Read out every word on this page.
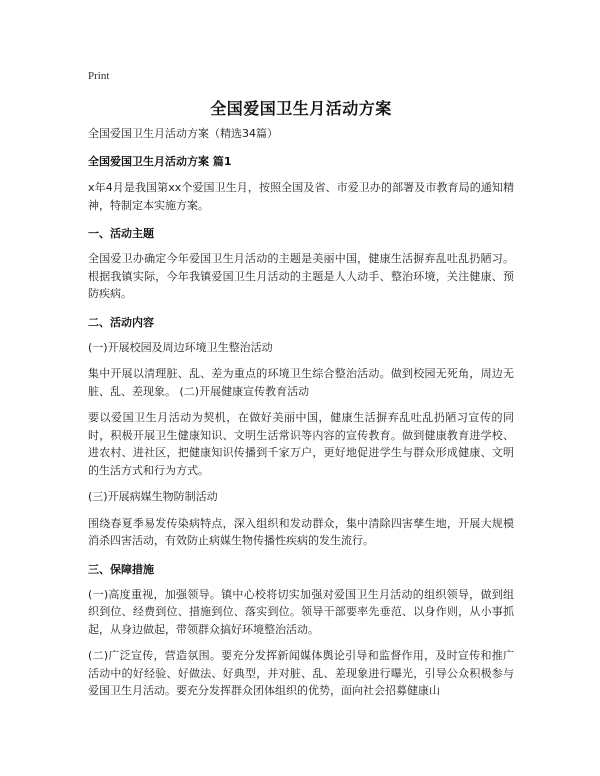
Print
全国爱国卫生月活动方案
全国爱国卫生月活动方案（精选34篇）
全国爱国卫生月活动方案 篇1
x年4月是我国第xx个爱国卫生月，按照全国及省、市爱卫办的部署及市教育局的通知精神，特制定本实施方案。
一、活动主题
全国爱卫办确定今年爱国卫生月活动的主题是美丽中国，健康生活摒弃乱吐乱扔陋习。根据我镇实际，今年我镇爱国卫生月活动的主题是人人动手、整治环境，关注健康、预防疾病。
二、活动内容
(一)开展校园及周边环境卫生整治活动
集中开展以清理脏、乱、差为重点的环境卫生综合整治活动。做到校园无死角，周边无脏、乱、差现象。 (二)开展健康宣传教育活动
要以爱国卫生月活动为契机，在做好美丽中国，健康生活摒弃乱吐乱扔陋习宣传的同时，积极开展卫生健康知识、文明生活常识等内容的宣传教育。做到健康教育进学校、进农村、进社区，把健康知识传播到千家万户，更好地促进学生与群众形成健康、文明的生活方式和行为方式。
(三)开展病媒生物防制活动
围绕春夏季易发传染病特点，深入组织和发动群众，集中清除四害孳生地，开展大规模消杀四害活动，有效防止病媒生物传播性疾病的发生流行。
三、保障措施
(一)高度重视，加强领导。镇中心校将切实加强对爱国卫生月活动的组织领导，做到组织到位、经费到位、措施到位、落实到位。领导干部要率先垂范、以身作则，从小事抓起，从身边做起，带领群众搞好环境整治活动。
(二)广泛宣传，营造氛围。要充分发挥新闻媒体舆论引导和监督作用，及时宣传和推广活动中的好经验、好做法、好典型，并对脏、乱、差现象进行曝光，引导公众积极参与爱国卫生月活动。要充分发挥群众团体组织的优势，面向社会招募健康山
